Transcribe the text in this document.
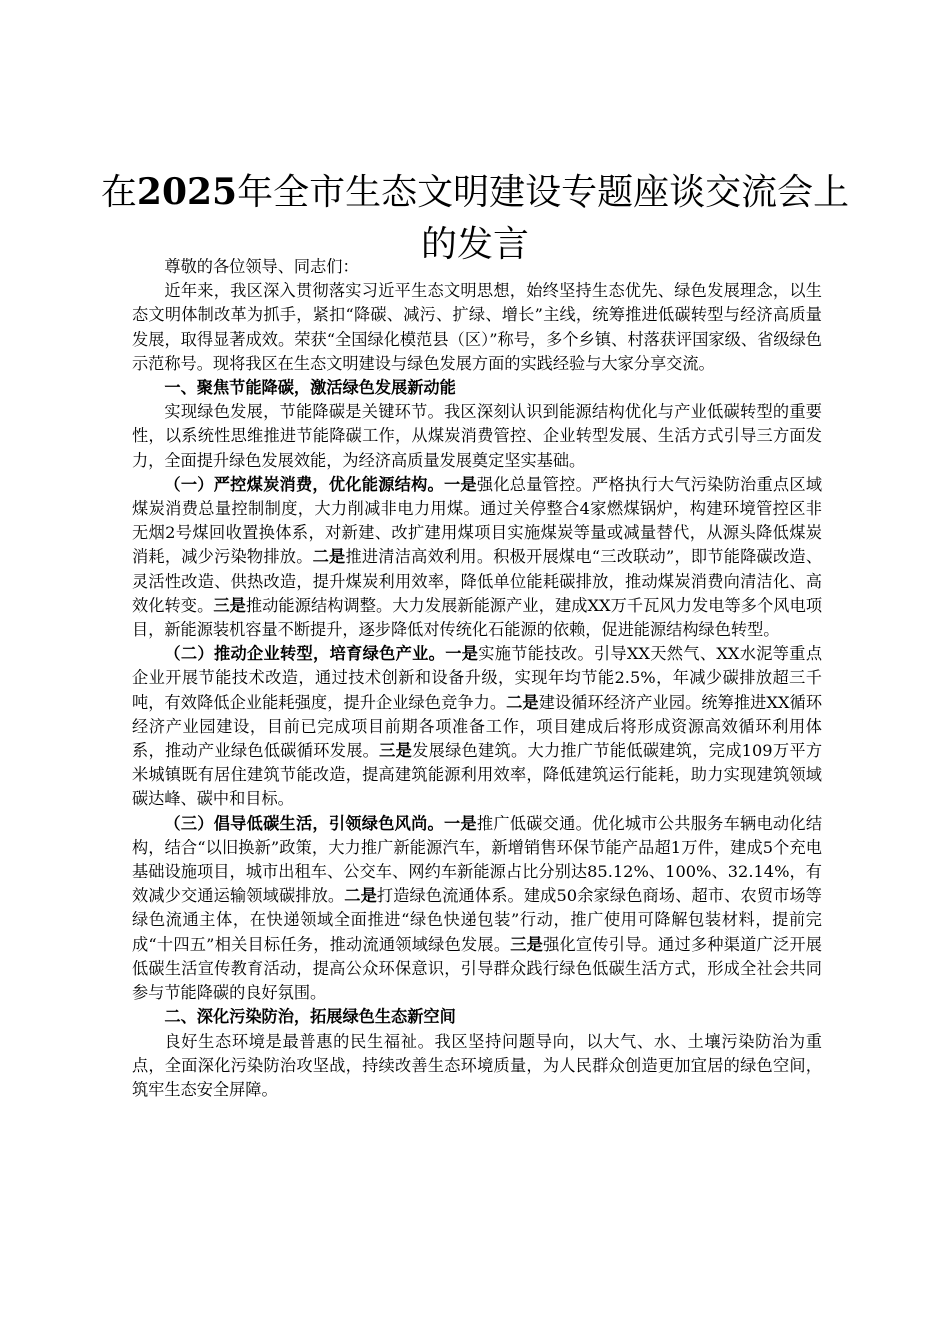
在2025年全市生态文明建设专题座谈交流会上的发言

尊敬的各位领导、同志们：

近年来，我区深入贯彻落实习近平生态文明思想，始终坚持生态优先、绿色发展理念，以生态文明体制改革为抓手，紧扣“降碳、减污、扩绿、增长”主线，统筹推进低碳转型与经济高质量发展，取得显著成效。荣获“全国绿化模范县（区）”称号，多个乡镇、村落获评国家级、省级绿色示范称号。现将我区在生态文明建设与绿色发展方面的实践经验与大家分享交流。

一、聚焦节能降碳，激活绿色发展新动能

实现绿色发展，节能降碳是关键环节。我区深刻认识到能源结构优化与产业低碳转型的重要性，以系统性思维推进节能降碳工作，从煤炭消费管控、企业转型发展、生活方式引导三方面发力，全面提升绿色发展效能，为经济高质量发展奠定坚实基础。

（一）严控煤炭消费，优化能源结构。一是强化总量管控。严格执行大气污染防治重点区域煤炭消费总量控制制度，大力削减非电力用煤。通过关停整合4家燃煤锅炉，构建环境管控区非无烟2号煤回收置换体系，对新建、改扩建用煤项目实施煤炭等量或减量替代，从源头降低煤炭消耗，减少污染物排放。二是推进清洁高效利用。积极开展煤电“三改联动”，即节能降碳改造、灵活性改造、供热改造，提升煤炭利用效率，降低单位能耗碳排放，推动煤炭消费向清洁化、高效化转变。三是推动能源结构调整。大力发展新能源产业，建成XX万千瓦风力发电等多个风电项目，新能源装机容量不断提升，逐步降低对传统化石能源的依赖，促进能源结构绿色转型。

（二）推动企业转型，培育绿色产业。一是实施节能技改。引导XX天然气、XX水泥等重点企业开展节能技术改造，通过技术创新和设备升级，实现年均节能2.5%，年减少碳排放超三千吨，有效降低企业能耗强度，提升企业绿色竞争力。二是建设循环经济产业园。统筹推进XX循环经济产业园建设，目前已完成项目前期各项准备工作，项目建成后将形成资源高效循环利用体系，推动产业绿色低碳循环发展。三是发展绿色建筑。大力推广节能低碳建筑，完成109万平方米城镇既有居住建筑节能改造，提高建筑能源利用效率，降低建筑运行能耗，助力实现建筑领域碳达峰、碳中和目标。

（三）倡导低碳生活，引领绿色风尚。一是推广低碳交通。优化城市公共服务车辆电动化结构，结合“以旧换新”政策，大力推广新能源汽车，新增销售环保节能产品超1万件，建成5个充电基础设施项目，城市出租车、公交车、网约车新能源占比分别达85.12%、100%、32.14%，有效减少交通运输领域碳排放。二是打造绿色流通体系。建成50余家绿色商场、超市、农贸市场等绿色流通主体，在快递领域全面推进“绿色快递包装”行动，推广使用可降解包装材料，提前完成“十四五”相关目标任务，推动流通领域绿色发展。三是强化宣传引导。通过多种渠道广泛开展低碳生活宣传教育活动，提高公众环保意识，引导群众践行绿色低碳生活方式，形成全社会共同参与节能降碳的良好氛围。

二、深化污染防治，拓展绿色生态新空间

良好生态环境是最普惠的民生福祉。我区坚持问题导向，以大气、水、土壤污染防治为重点，全面深化污染防治攻坚战，持续改善生态环境质量，为人民群众创造更加宜居的绿色空间，筑牢生态安全屏障。
